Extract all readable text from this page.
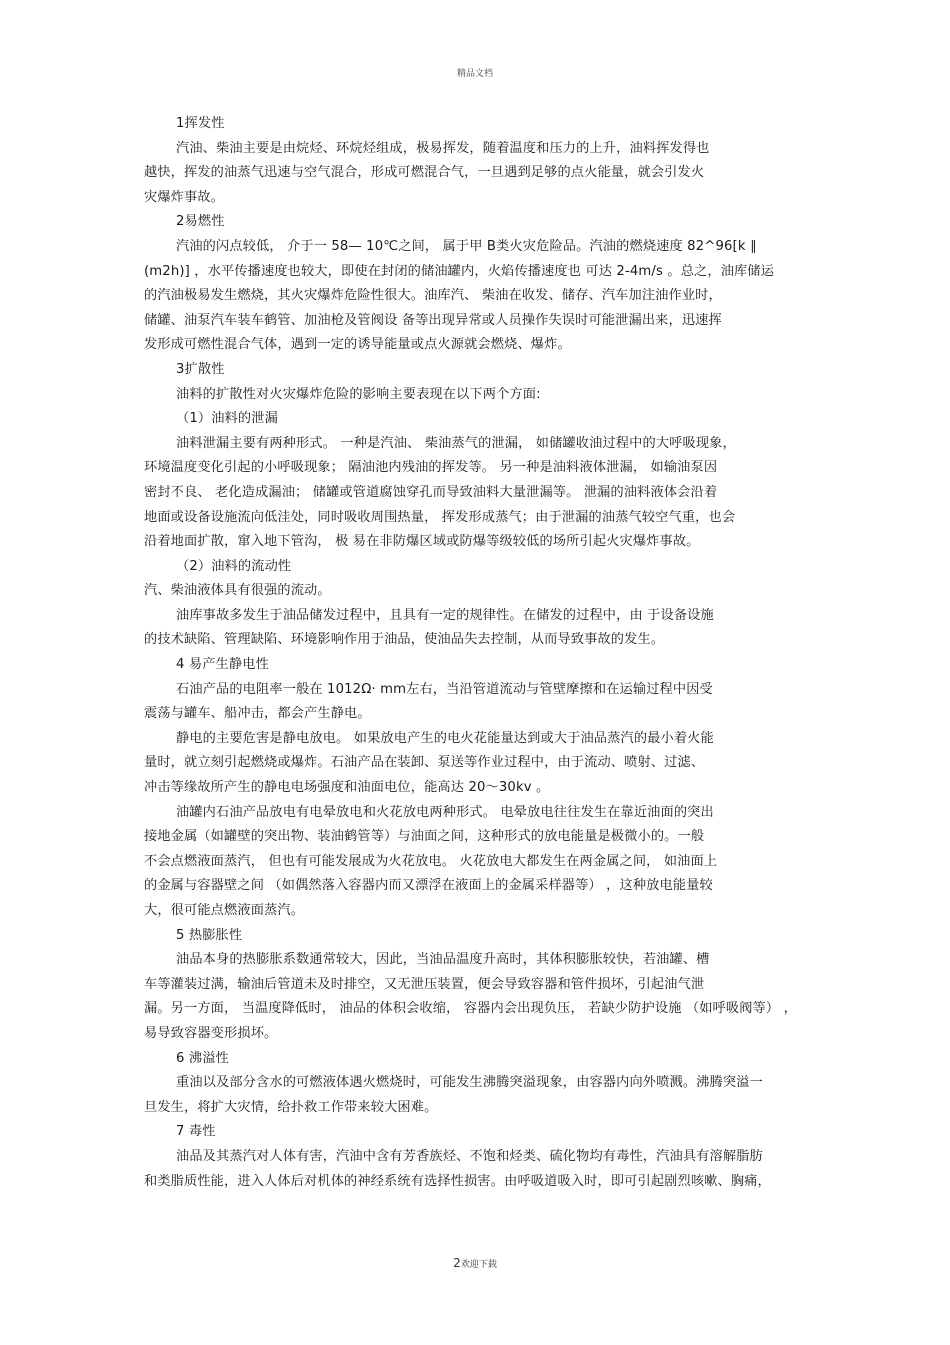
精品文档
1挥发性
汽油、柴油主要是由烷烃、环烷烃组成，极易挥发，随着温度和压力的上升，油料挥发得也
越快，挥发的油蒸气迅速与空气混合，形成可燃混合气，一旦遇到足够的点火能量，就会引发火
灾爆炸事故。
2易燃性
汽油的闪点较低， 介于一 58— 10℃之间， 属于甲 B类火灾危险品。汽油的燃烧速度 82^96[k ∥
(m2h)] ，水平传播速度也较大，即使在封闭的储油罐内，火焰传播速度也 可达 2-4m/s 。总之，油库储运
的汽油极易发生燃烧，其火灾爆炸危险性很大。油库汽、 柴油在收发、储存、汽车加注油作业时，
储罐、油泵汽车装车鹤管、加油枪及管阀设 备等出现异常或人员操作失误时可能泄漏出来，迅速挥
发形成可燃性混合气体，遇到一定的诱导能量或点火源就会燃烧、爆炸。
3扩散性
油料的扩散性对火灾爆炸危险的影响主要表现在以下两个方面:
（1）油料的泄漏
油料泄漏主要有两种形式。 一种是汽油、 柴油蒸气的泄漏， 如储罐收油过程中的大呼吸现象，
环境温度变化引起的小呼吸现象； 隔油池内残油的挥发等。 另一种是油料液体泄漏， 如输油泵因
密封不良、 老化造成漏油； 储罐或管道腐蚀穿孔而导致油料大量泄漏等。 泄漏的油料液体会沿着
地面或设备设施流向低洼处，同时吸收周围热量， 挥发形成蒸气；由于泄漏的油蒸气较空气重，也会
沿着地面扩散，窜入地下管沟， 极 易在非防爆区域或防爆等级较低的场所引起火灾爆炸事故。
（2）油料的流动性
汽、柴油液体具有很强的流动。
油库事故多发生于油品储发过程中，且具有一定的规律性。在储发的过程中，由 于设备设施
的技术缺陷、管理缺陷、环境影响作用于油品，使油品失去控制，从而导致事故的发生。
4 易产生静电性
石油产品的电阻率一般在 1012Ω· mm左右，当沿管道流动与管壁摩擦和在运输过程中因受
震荡与罐车、船冲击，都会产生静电。
静电的主要危害是静电放电。 如果放电产生的电火花能量达到或大于油品蒸汽的最小着火能
量时，就立刻引起燃烧或爆炸。石油产品在装卸、泵送等作业过程中，由于流动、喷射、过滤、
冲击等缘故所产生的静电电场强度和油面电位，能高达 20～30kv 。
油罐内石油产品放电有电晕放电和火花放电两种形式。 电晕放电往往发生在靠近油面的突出
接地金属（如罐壁的突出物、装油鹤管等）与油面之间，这种形式的放电能量是极微小的。一般
不会点燃液面蒸汽， 但也有可能发展成为火花放电。 火花放电大都发生在两金属之间， 如油面上
的金属与容器壁之间 （如偶然落入容器内而又漂浮在液面上的金属采样器等） ，这种放电能量较
大，很可能点燃液面蒸汽。
5 热膨胀性
油品本身的热膨胀系数通常较大，因此，当油品温度升高时，其体积膨胀较快，若油罐、槽
车等灌装过满，输油后管道未及时排空，又无泄压装置，便会导致容器和管件损坏，引起油气泄
漏。另一方面， 当温度降低时， 油品的体积会收缩， 容器内会出现负压， 若缺少防护设施 （如呼吸阀等） ，
易导致容器变形损坏。
6 沸溢性
重油以及部分含水的可燃液体遇火燃烧时，可能发生沸腾突溢现象，由容器内向外喷溅。沸腾突溢一
旦发生，将扩大灾情，给扑救工作带来较大困难。
7 毒性
油品及其蒸汽对人体有害，汽油中含有芳香族烃、不饱和烃类、硫化物均有毒性，汽油具有溶解脂肪
和类脂质性能，进入人体后对机体的神经系统有选择性损害。由呼吸道吸入时，即可引起剧烈咳嗽、胸痛，
2欢迎下载
